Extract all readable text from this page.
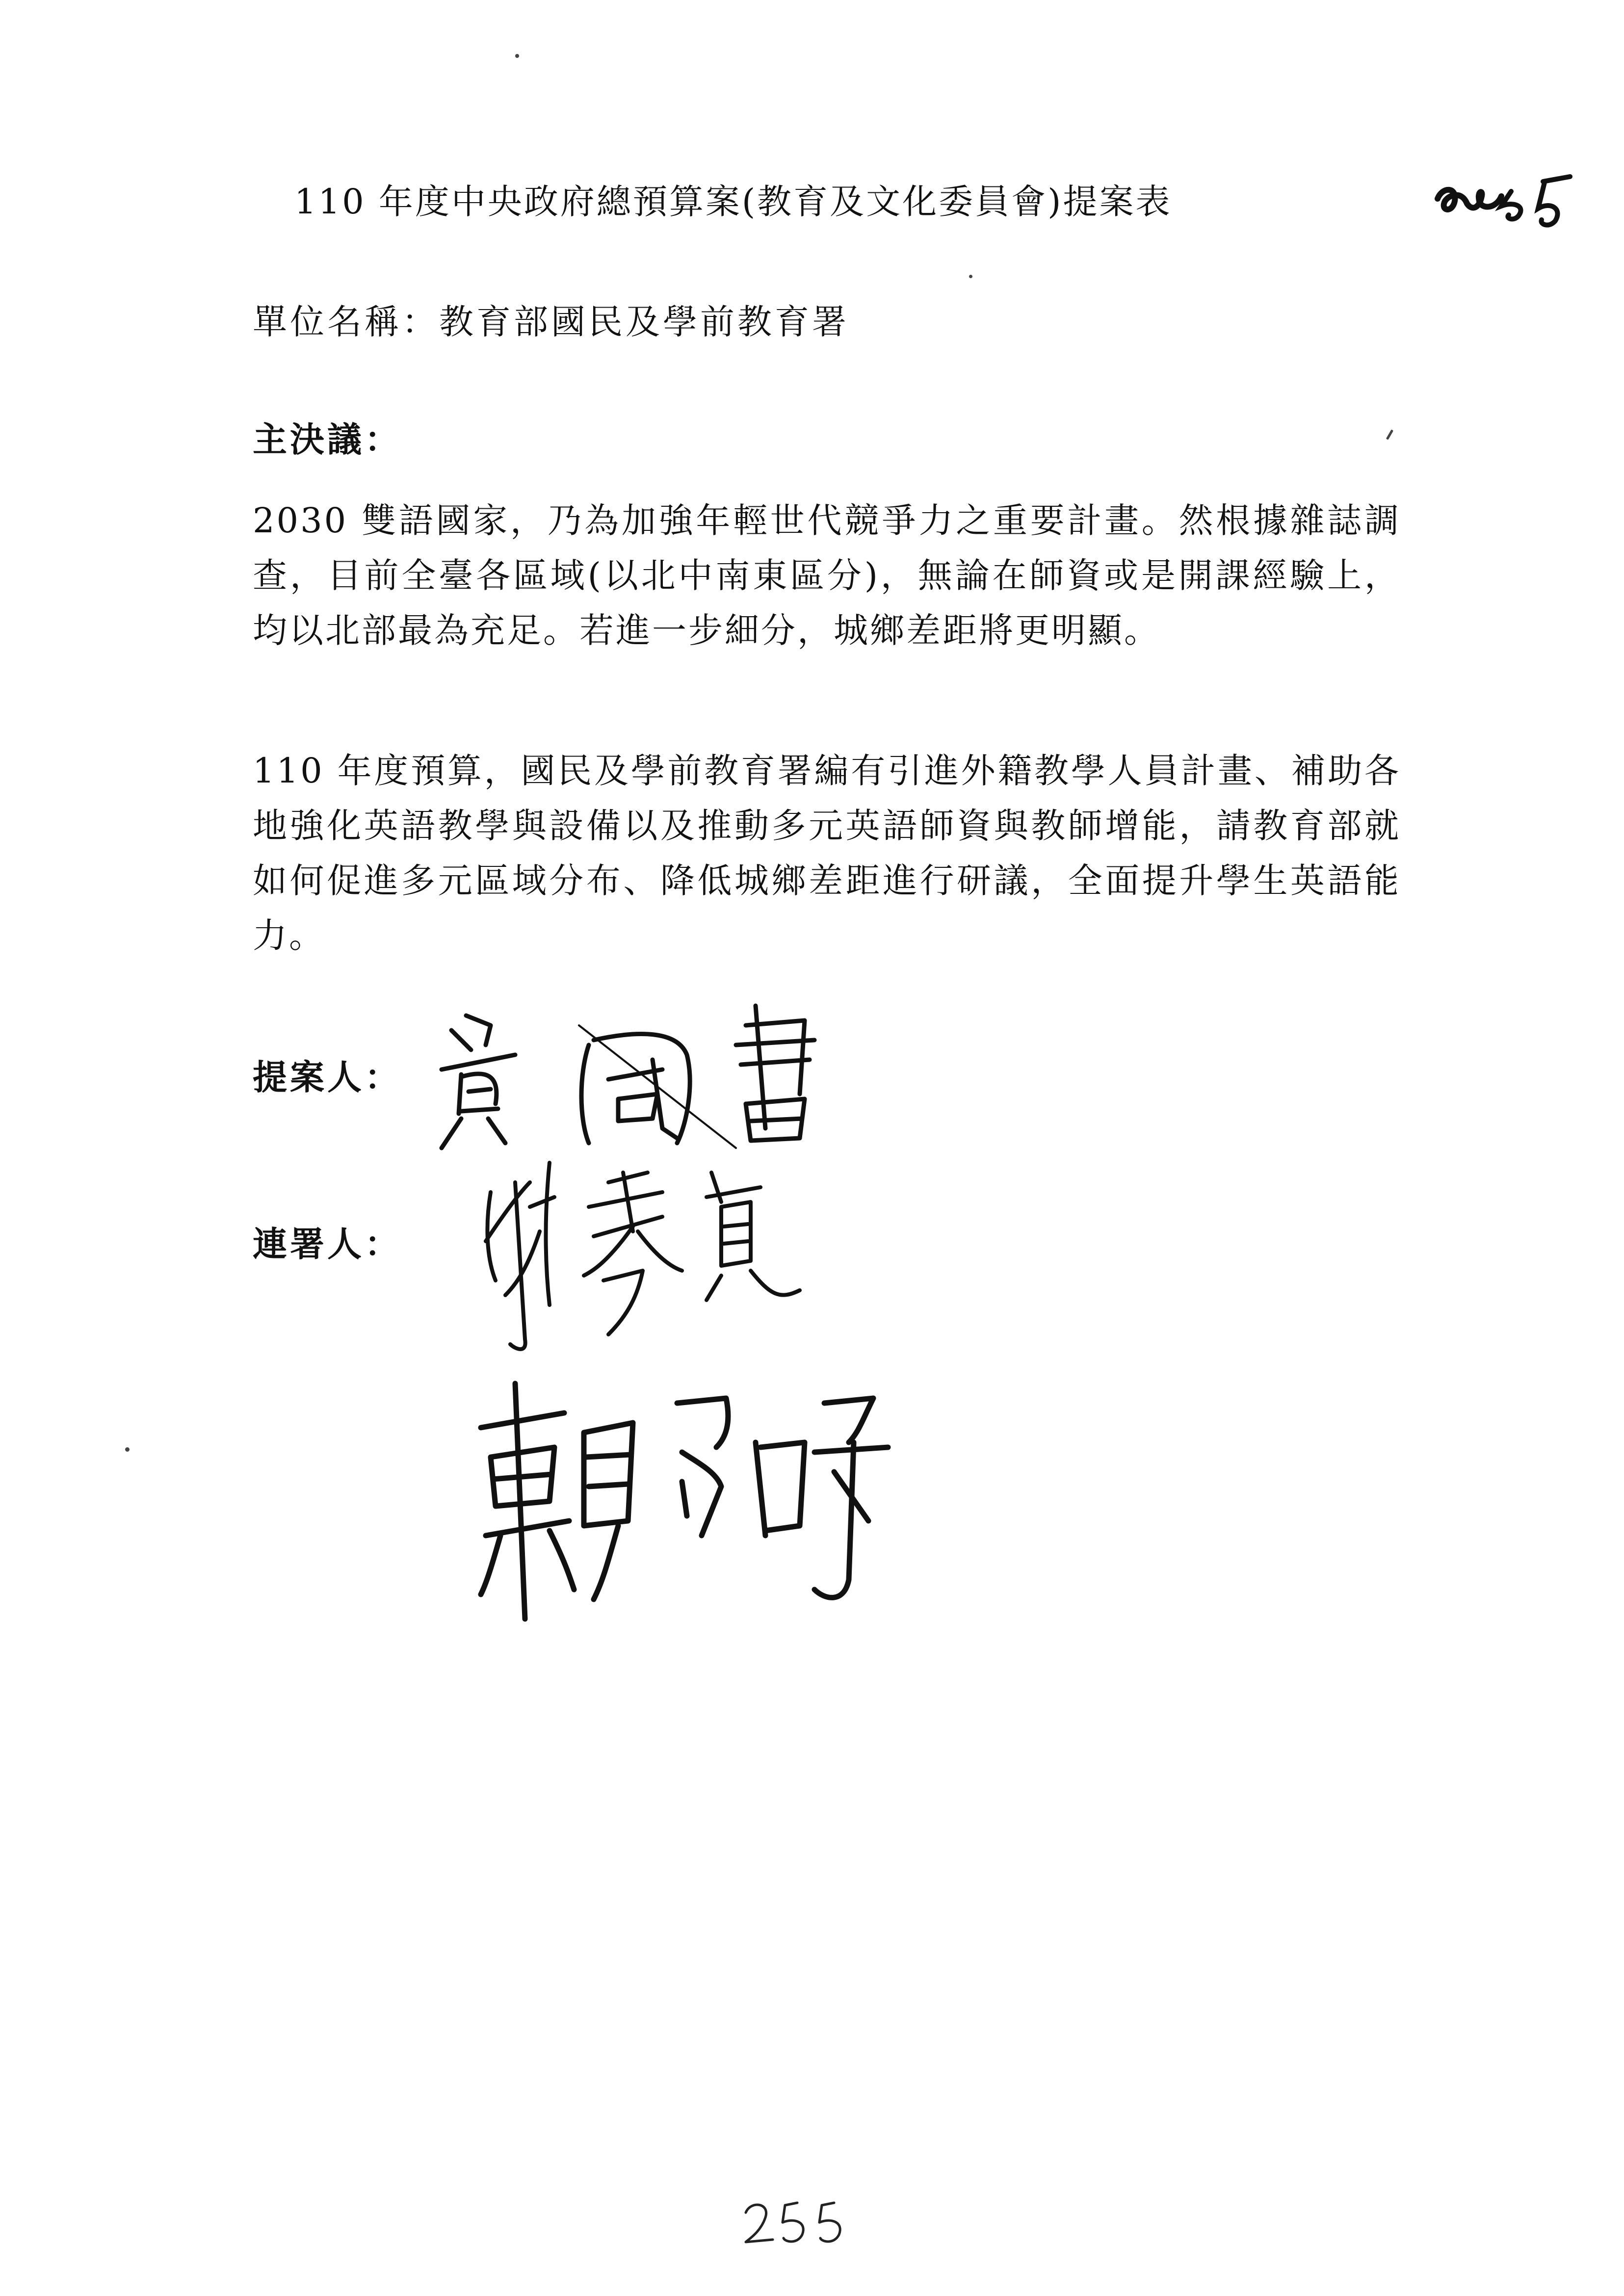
110 年度中央政府總預算案(教育及文化委員會)提案表
單位名稱：教育部國民及學前教育署
主決議：

2030 雙語國家，乃為加強年輕世代競爭力之重要計畫。然根據雜誌調查，目前全臺各區域(以北中南東區分)，無論在師資或是開課經驗上，均以北部最為充足。若進一步細分，城鄉差距將更明顯。

110 年度預算，國民及學前教育署編有引進外籍教學人員計畫、補助各地強化英語教學與設備以及推動多元英語師資與教師增能，請教育部就如何促進多元區域分布、降低城鄉差距進行研議，全面提升學生英語能力。

提案人：
連署人：
